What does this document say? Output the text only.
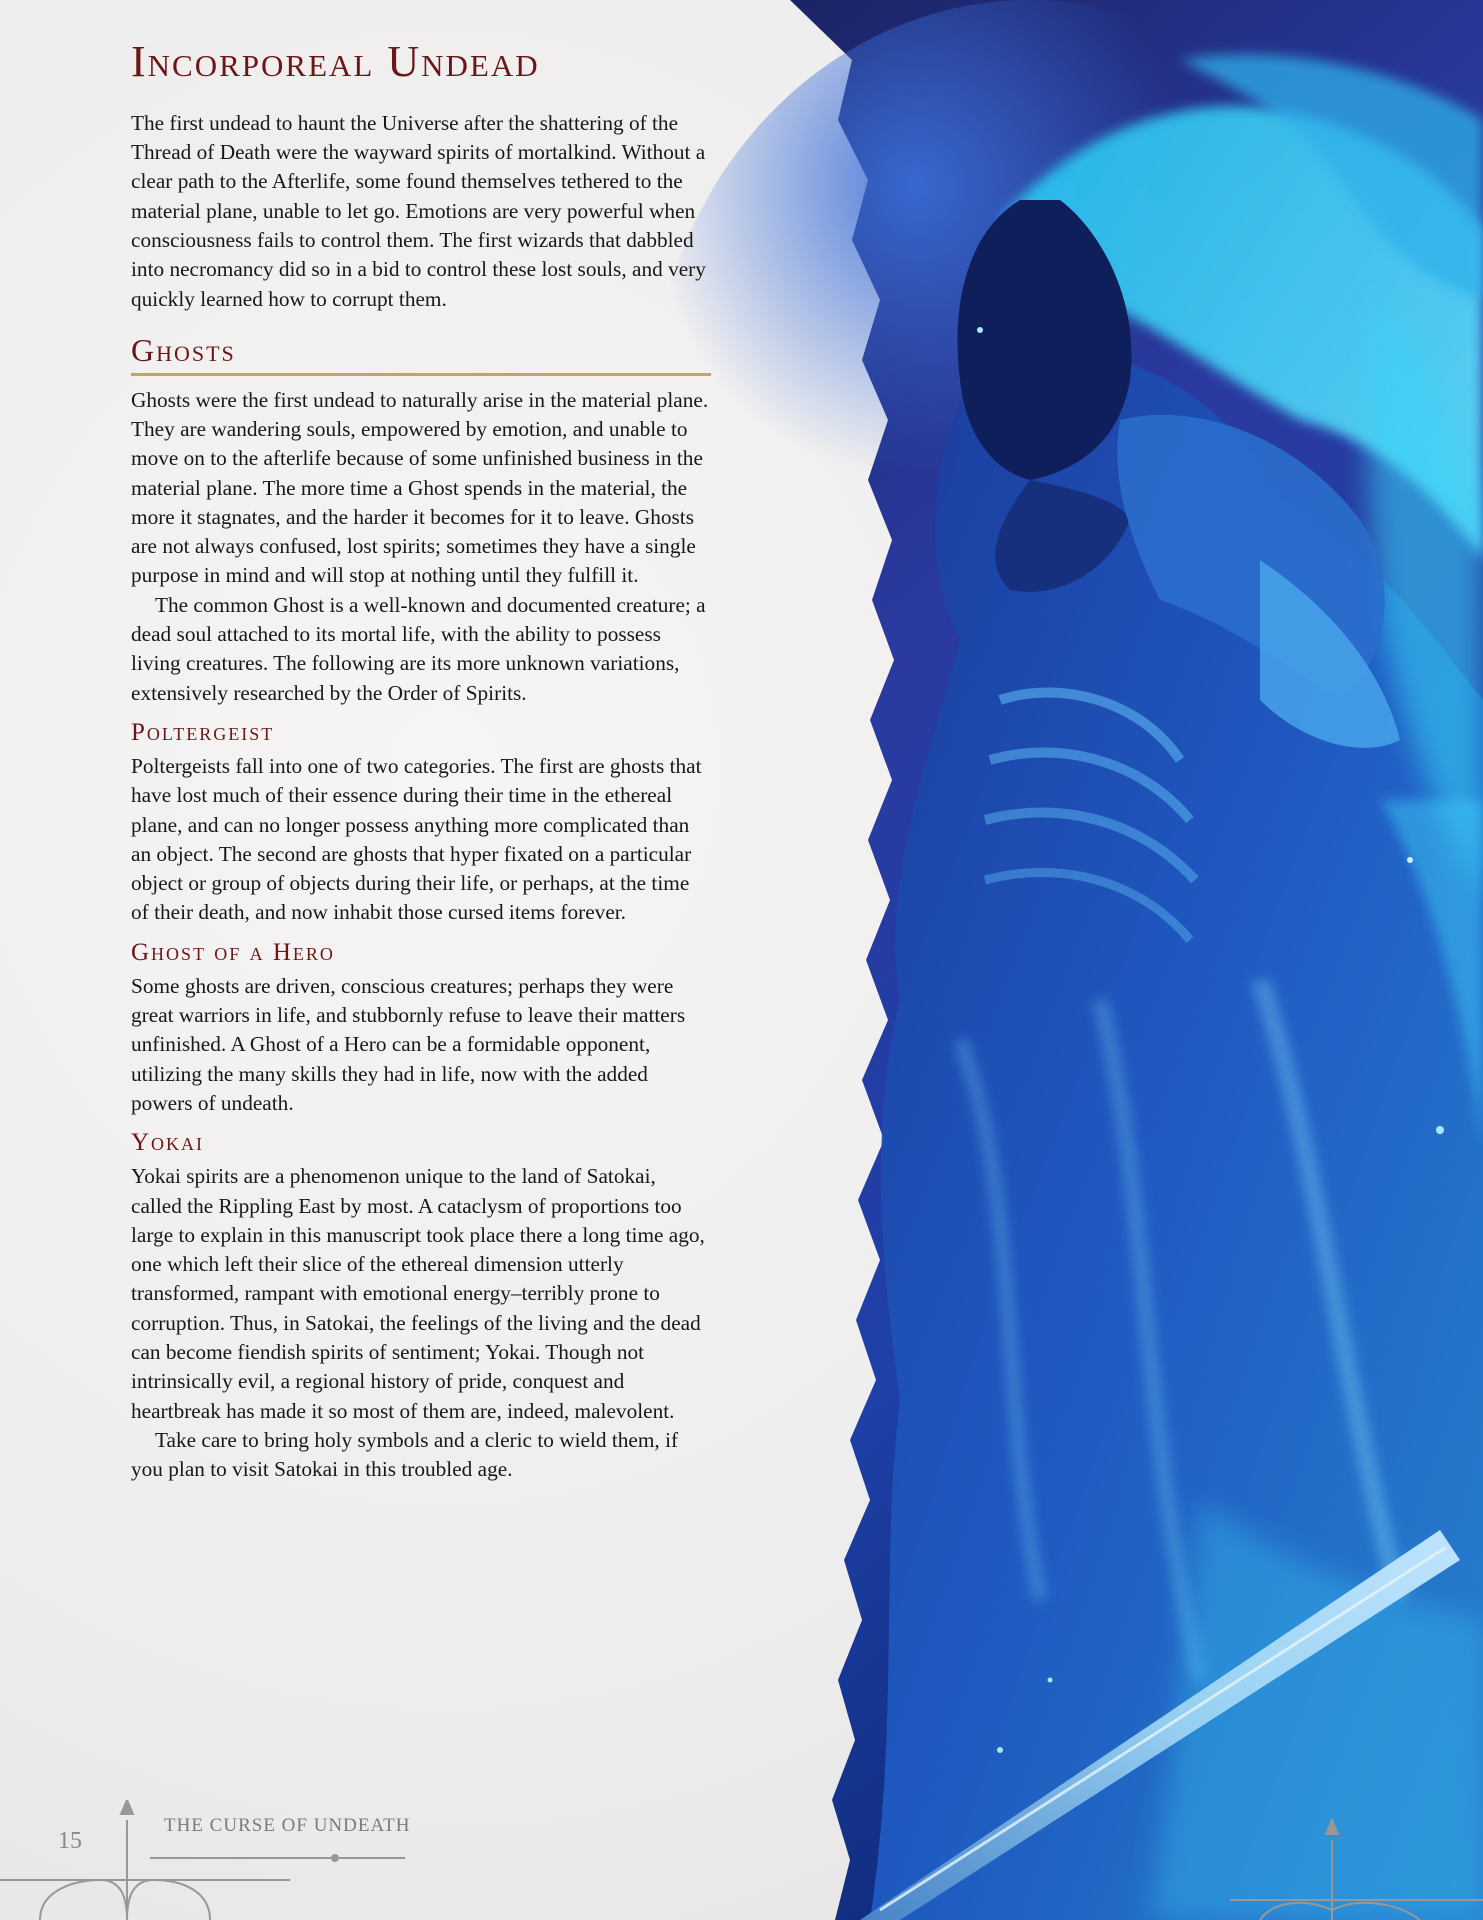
Incorporeal Undead

The first undead to haunt the Universe after the shattering of the Thread of Death were the wayward spirits of mortalkind. Without a clear path to the Afterlife, some found themselves tethered to the material plane, unable to let go. Emotions are very powerful when consciousness fails to control them. The first wizards that dabbled into necromancy did so in a bid to control these lost souls, and very quickly learned how to corrupt them.

Ghosts

Ghosts were the first undead to naturally arise in the material plane. They are wandering souls, empowered by emotion, and unable to move on to the afterlife because of some unfinished business in the material plane. The more time a Ghost spends in the material, the more it stagnates, and the harder it becomes for it to leave. Ghosts are not always confused, lost spirits; sometimes they have a single purpose in mind and will stop at nothing until they fulfill it.

The common Ghost is a well-known and documented creature; a dead soul attached to its mortal life, with the ability to possess living creatures. The following are its more unknown variations, extensively researched by the Order of Spirits.

Poltergeist

Poltergeists fall into one of two categories. The first are ghosts that have lost much of their essence during their time in the ethereal plane, and can no longer possess anything more complicated than an object. The second are ghosts that hyper fixated on a particular object or group of objects during their life, or perhaps, at the time of their death, and now inhabit those cursed items forever.

Ghost of a Hero

Some ghosts are driven, conscious creatures; perhaps they were great warriors in life, and stubbornly refuse to leave their matters unfinished. A Ghost of a Hero can be a formidable opponent, utilizing the many skills they had in life, now with the added powers of undeath.

Yokai

Yokai spirits are a phenomenon unique to the land of Satokai, called the Rippling East by most. A cataclysm of proportions too large to explain in this manuscript took place there a long time ago, one which left their slice of the ethereal dimension utterly transformed, rampant with emotional energy–terribly prone to corruption. Thus, in Satokai, the feelings of the living and the dead can become fiendish spirits of sentiment; Yokai. Though not intrinsically evil, a regional history of pride, conquest and heartbreak has made it so most of them are, indeed, malevolent.

Take care to bring holy symbols and a cleric to wield them, if you plan to visit Satokai in this troubled age.

15
THE CURSE OF UNDEATH
